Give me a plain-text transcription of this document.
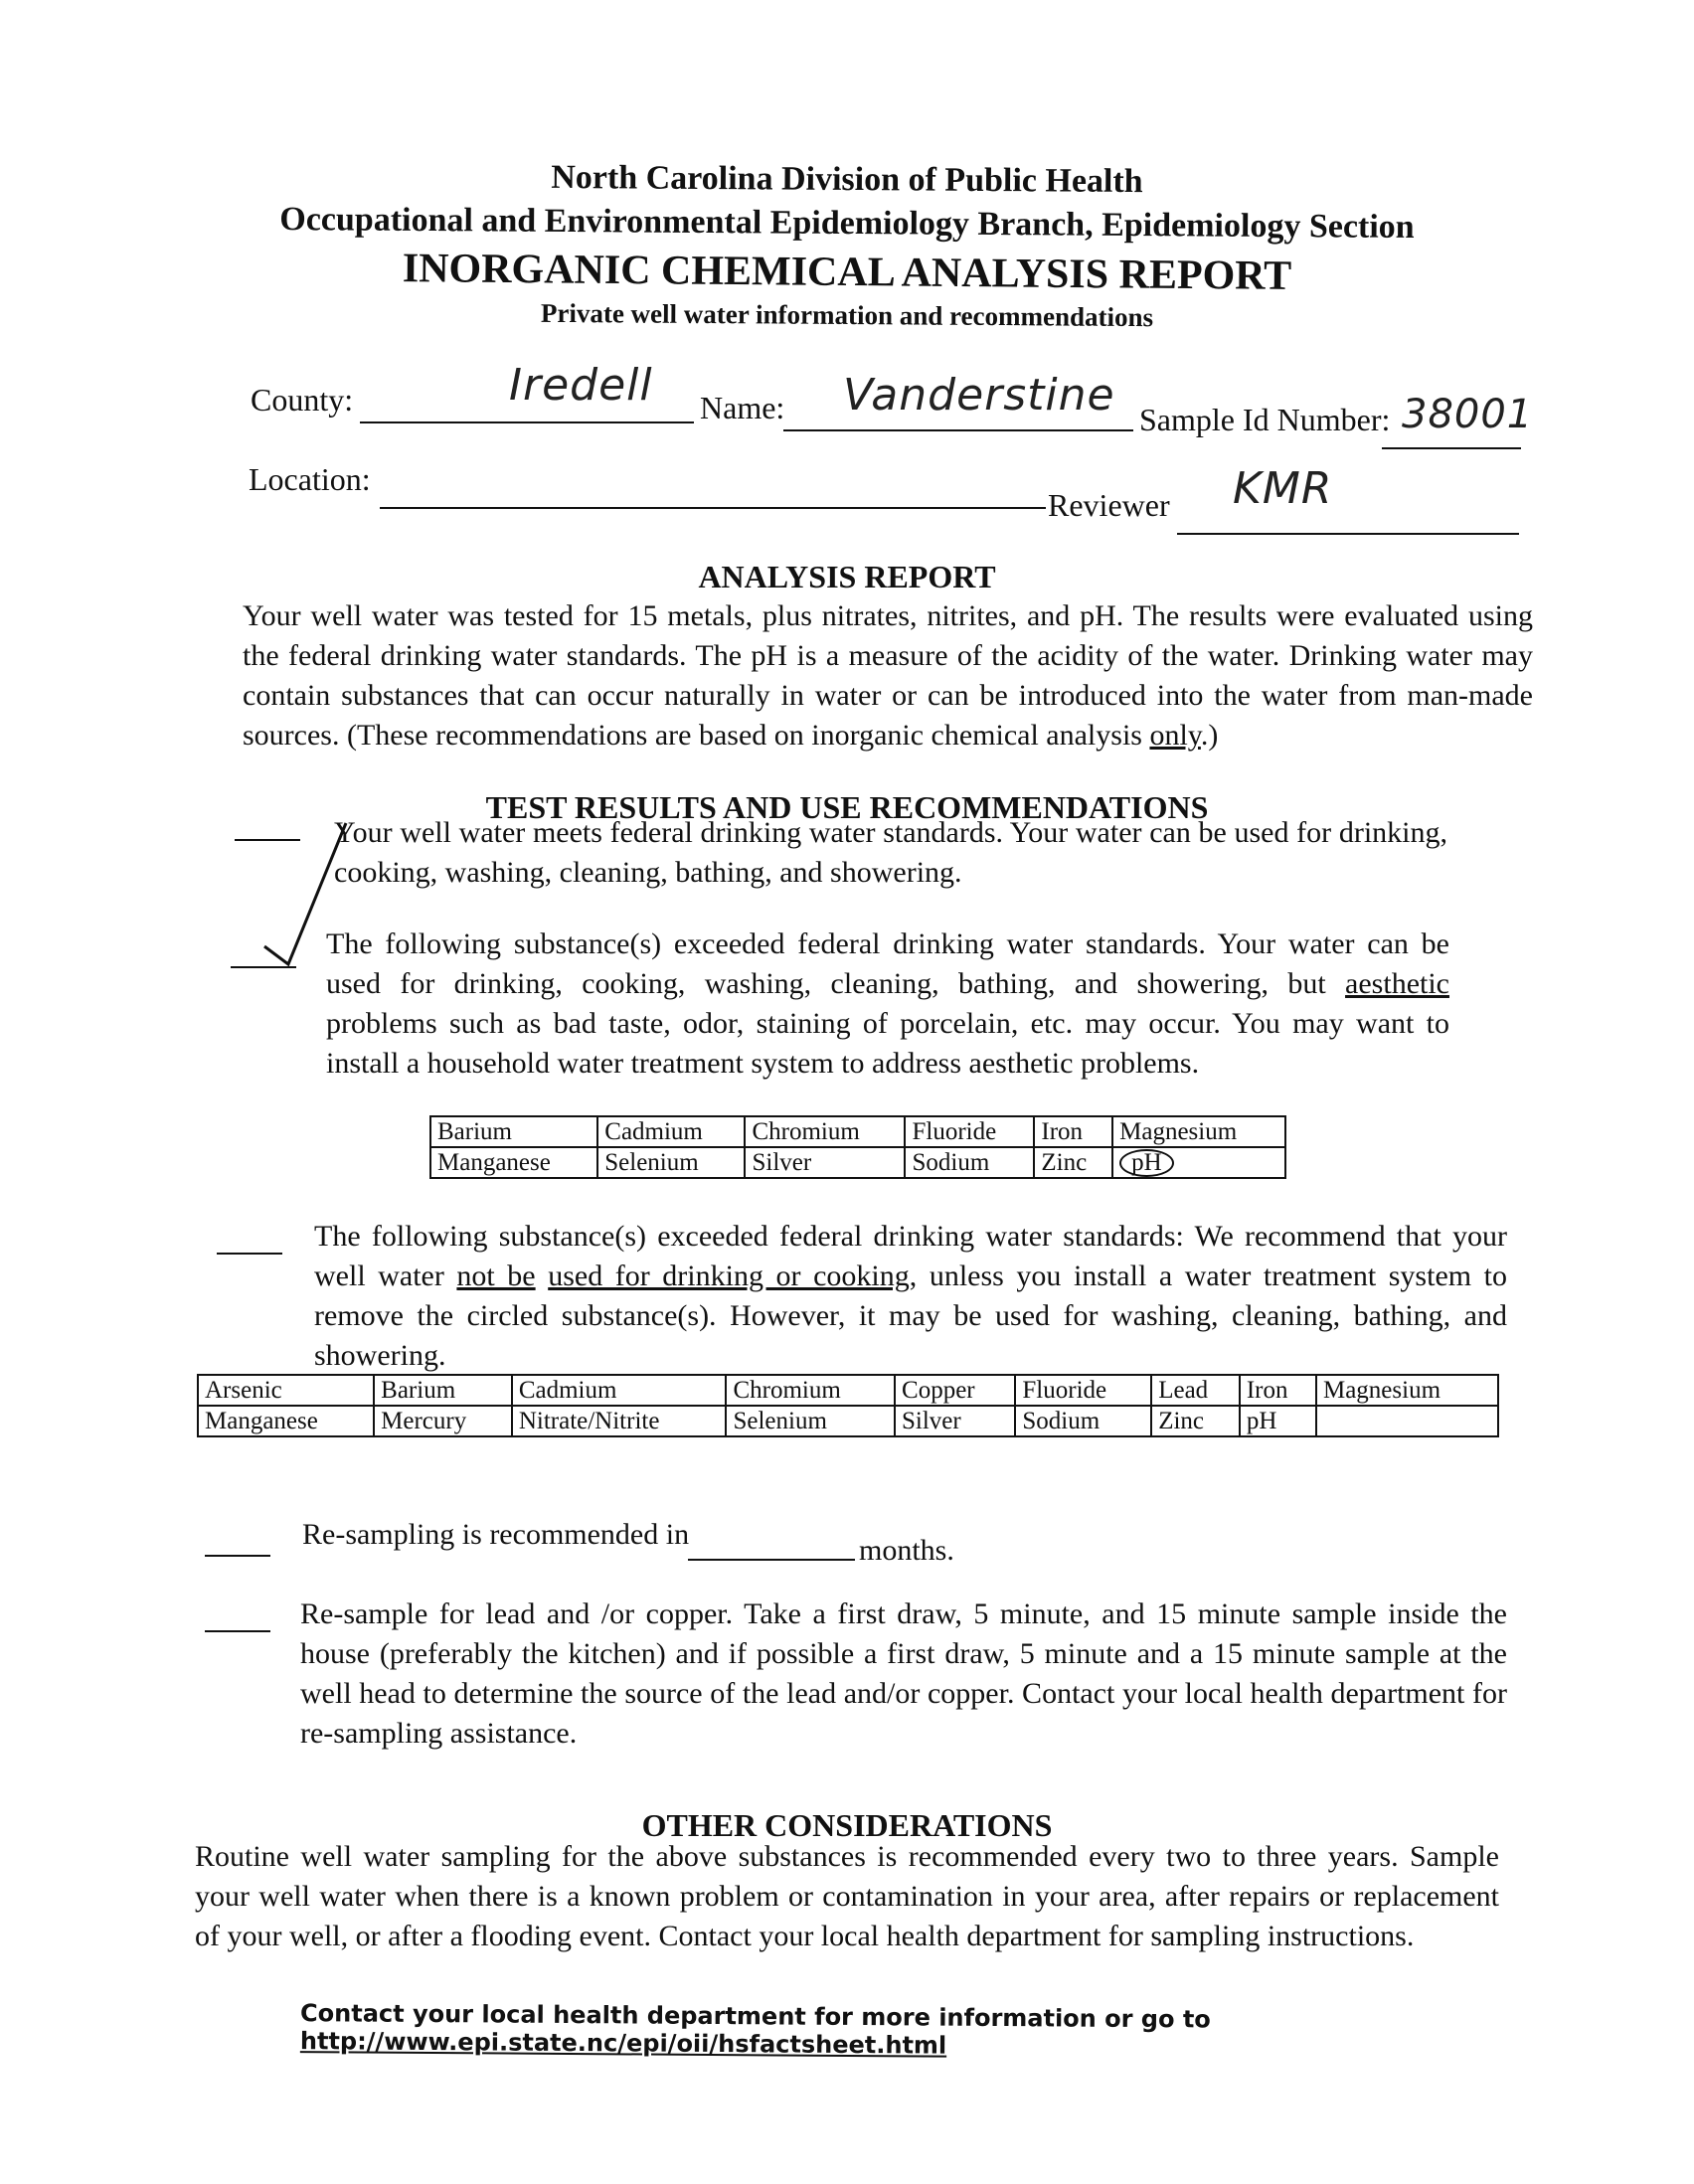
North Carolina Division of Public Health
Occupational and Environmental Epidemiology Branch, Epidemiology Section
INORGANIC CHEMICAL ANALYSIS REPORT
Private well water information and recommendations
County:	Iredell Name: Vanderstine Sample Id Number: 38001
Location:
Reviewer KMR
ANALYSIS REPORT
Your well water was tested for 15 metals, plus nitrates, nitrites, and pH. The results were evaluated using the federal drinking water standards. The pH is a measure of the acidity of the water. Drinking water may contain substances that can occur naturally in water or can be introduced into the water from man-made sources. (These recommendations are based on inorganic chemical analysis only.)
TEST RESULTS AND USE RECOMMENDATIONS
Your well water meets federal drinking water standards. Your water can be used for drinking, cooking, washing, cleaning, bathing, and showering.
The following substance(s) exceeded federal drinking water standards. Your water can be used for drinking, cooking, washing, cleaning, bathing, and showering, but aesthetic problems such as bad taste, odor, staining of porcelain, etc. may occur. You may want to install a household water treatment system to address aesthetic problems.
Barium	Cadmium	Chromium	Fluoride	Iron	Magnesium
Manganese	Selenium	Silver	Sodium	Zinc	pH
The following substance(s) exceeded federal drinking water standards: We recommend that your well water not be used for drinking or cooking, unless you install a water treatment system to remove the circled substance(s). However, it may be used for washing, cleaning, bathing, and showering.
Arsenic	Barium	Cadmium	Chromium	Copper	Fluoride	Lead	Iron	Magnesium
Manganese	Mercury	Nitrate/Nitrite	Selenium	Silver	Sodium	Zinc	pH	
Re-sampling is recommended in	months.
Re-sample for lead and /or copper. Take a first draw, 5 minute, and 15 minute sample inside the house (preferably the kitchen) and if possible a first draw, 5 minute and a 15 minute sample at the well head to determine the source of the lead and/or copper. Contact your local health department for re-sampling assistance.
OTHER CONSIDERATIONS
Routine well water sampling for the above substances is recommended every two to three years. Sample your well water when there is a known problem or contamination in your area, after repairs or replacement of your well, or after a flooding event. Contact your local health department for sampling instructions.
Contact your local health department for more information or go to http://www.epi.state.nc/epi/oii/hsfactsheet.html
